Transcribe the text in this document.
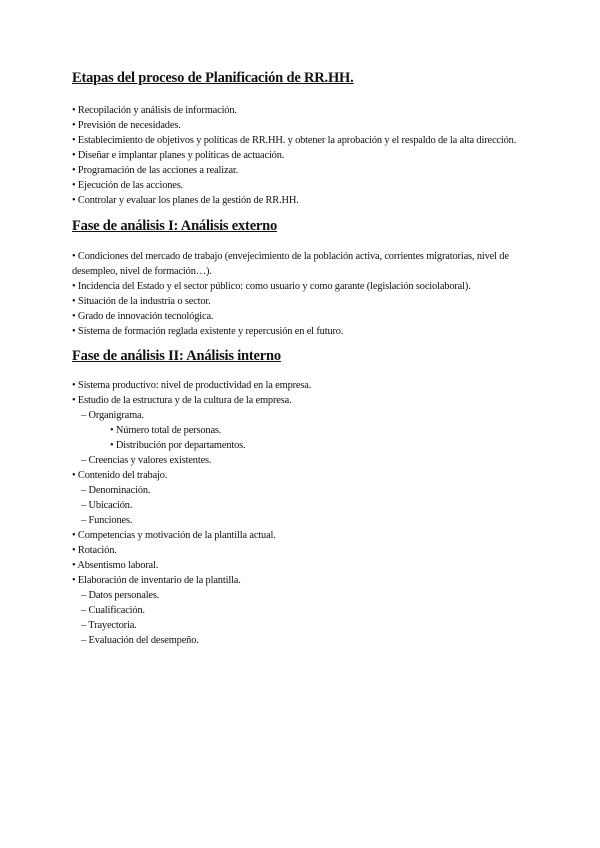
Etapas del proceso de Planificación de RR.HH.
• Recopilación y análisis de información.
• Previsión de necesidades.
• Establecimiento de objetivos y políticas de RR.HH. y obtener la aprobación y el respaldo de la alta dirección.
• Diseñar e implantar planes y políticas de actuación.
• Programación de las acciones a realizar.
• Ejecución de las acciones.
• Controlar y evaluar los planes de la gestión de RR.HH.
Fase de análisis I: Análisis externo
• Condiciones del mercado de trabajo (envejecimiento de la población activa, corrientes migratorias, nivel de desempleo, nivel de formación…).
• Incidencia del Estado y el sector público: como usuario y como garante (legislación sociolaboral).
• Situación de la industria o sector.
• Grado de innovación tecnológica.
• Sistema de formación reglada existente y repercusión en el futuro.
Fase de análisis II: Análisis interno
• Sistema productivo: nivel de productividad en la empresa.
• Estudio de la estructura y de la cultura de la empresa.
– Organigrama.
• Número total de personas.
• Distribución por departamentos.
– Creencias y valores existentes.
• Contenido del trabajo.
– Denominación.
– Ubicación.
– Funciones.
• Competencias y motivación de la plantilla actual.
• Rotación.
• Absentismo laboral.
• Elaboración de inventario de la plantilla.
– Datos personales.
– Cualificación.
– Trayectoria.
– Evaluación del desempeño.
